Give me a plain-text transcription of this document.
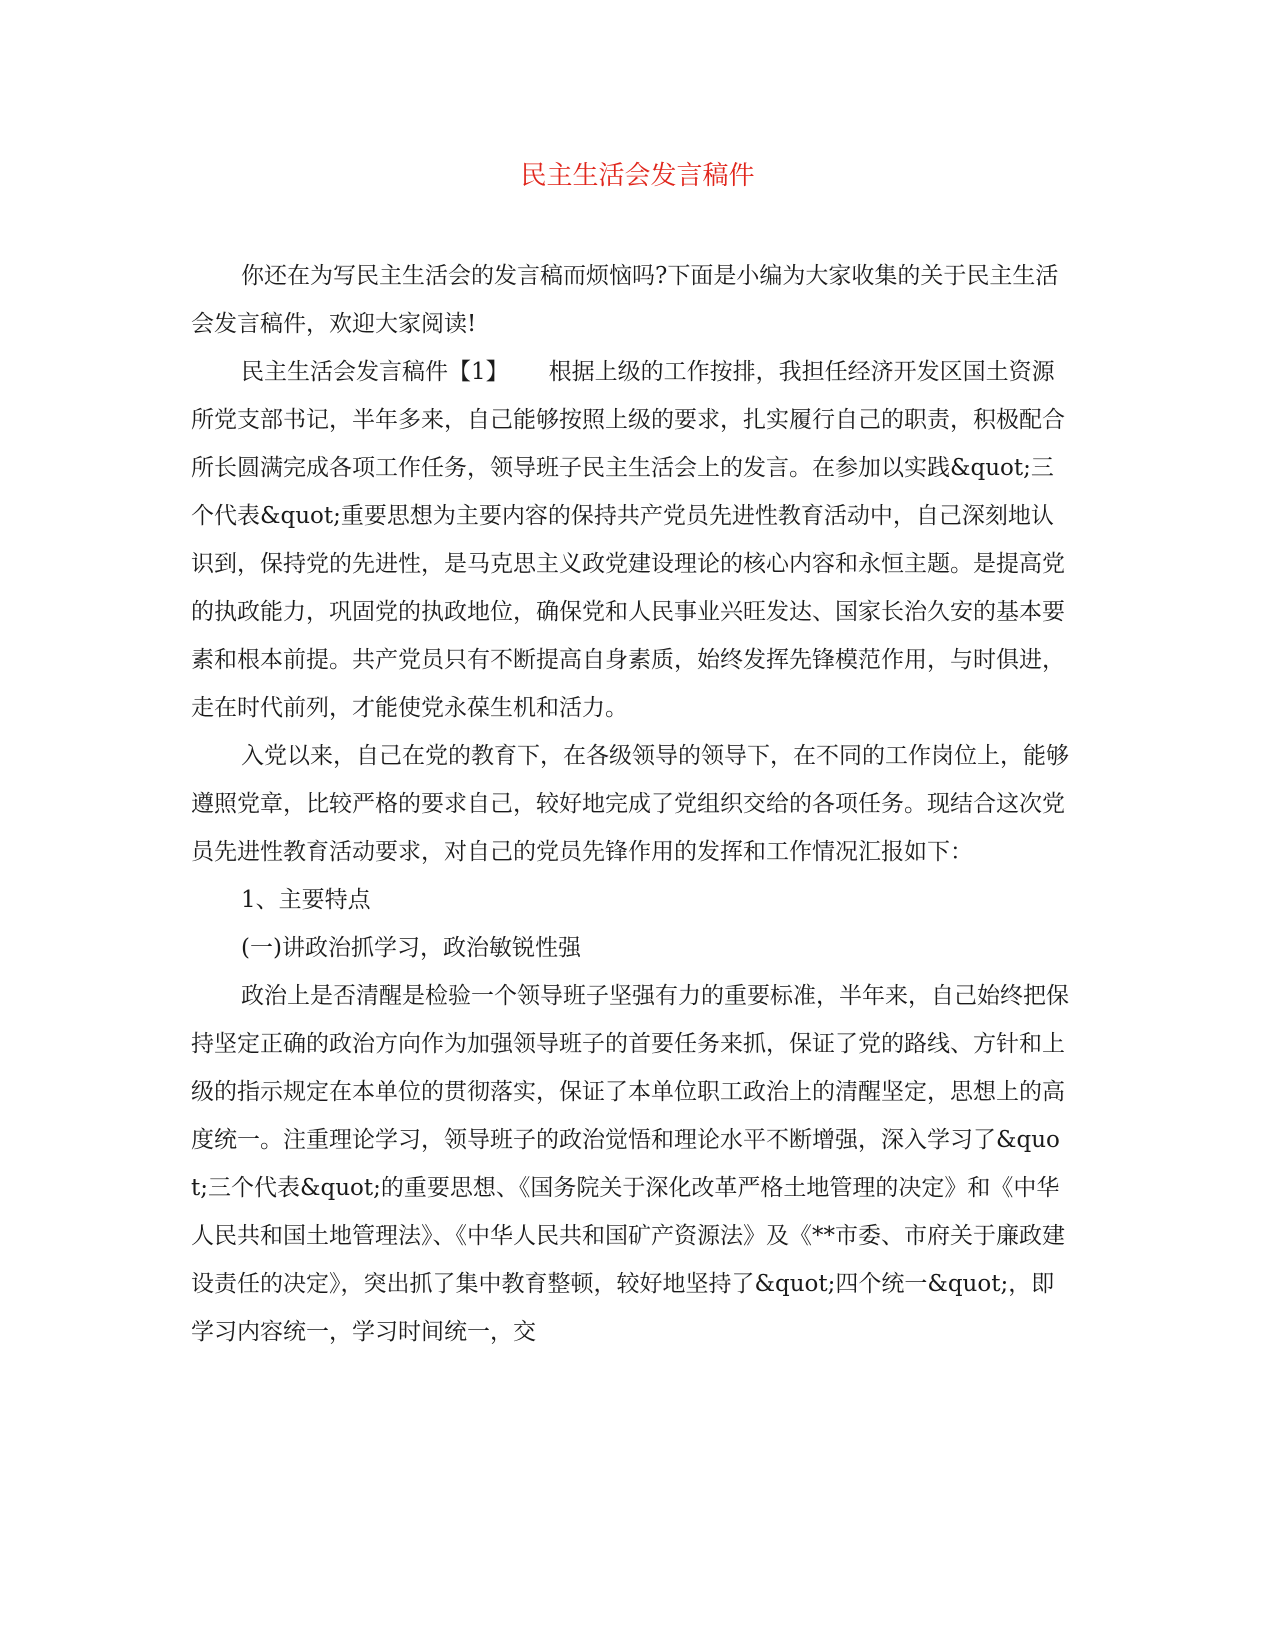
民主生活会发言稿件

你还在为写民主生活会的发言稿而烦恼吗?下面是小编为大家收集的关于民主生活会发言稿件，欢迎大家阅读!

民主生活会发言稿件【1】 根据上级的工作按排，我担任经济开发区国土资源所党支部书记，半年多来，自己能够按照上级的要求，扎实履行自己的职责，积极配合所长圆满完成各项工作任务，领导班子民主生活会上的发言。在参加以实践&quot;三个代表&quot;重要思想为主要内容的保持共产党员先进性教育活动中，自己深刻地认识到，保持党的先进性，是马克思主义政党建设理论的核心内容和永恒主题。是提高党的执政能力，巩固党的执政地位，确保党和人民事业兴旺发达、国家长治久安的基本要素和根本前提。共产党员只有不断提高自身素质，始终发挥先锋模范作用，与时俱进，走在时代前列，才能使党永葆生机和活力。

入党以来，自己在党的教育下，在各级领导的领导下，在不同的工作岗位上，能够遵照党章，比较严格的要求自己，较好地完成了党组织交给的各项任务。现结合这次党员先进性教育活动要求，对自己的党员先锋作用的发挥和工作情况汇报如下：

1、主要特点

(一)讲政治抓学习，政治敏锐性强

政治上是否清醒是检验一个领导班子坚强有力的重要标准，半年来，自己始终把保持坚定正确的政治方向作为加强领导班子的首要任务来抓，保证了党的路线、方针和上级的指示规定在本单位的贯彻落实，保证了本单位职工政治上的清醒坚定，思想上的高度统一。注重理论学习，领导班子的政治觉悟和理论水平不断增强，深入学习了&quot;三个代表&quot;的重要思想、《国务院关于深化改革严格土地管理的决定》和《中华人民共和国土地管理法》、《中华人民共和国矿产资源法》及《**市委、市府关于廉政建设责任的决定》，突出抓了集中教育整顿，较好地坚持了&quot;四个统一&quot;，即学习内容统一，学习时间统一，交
